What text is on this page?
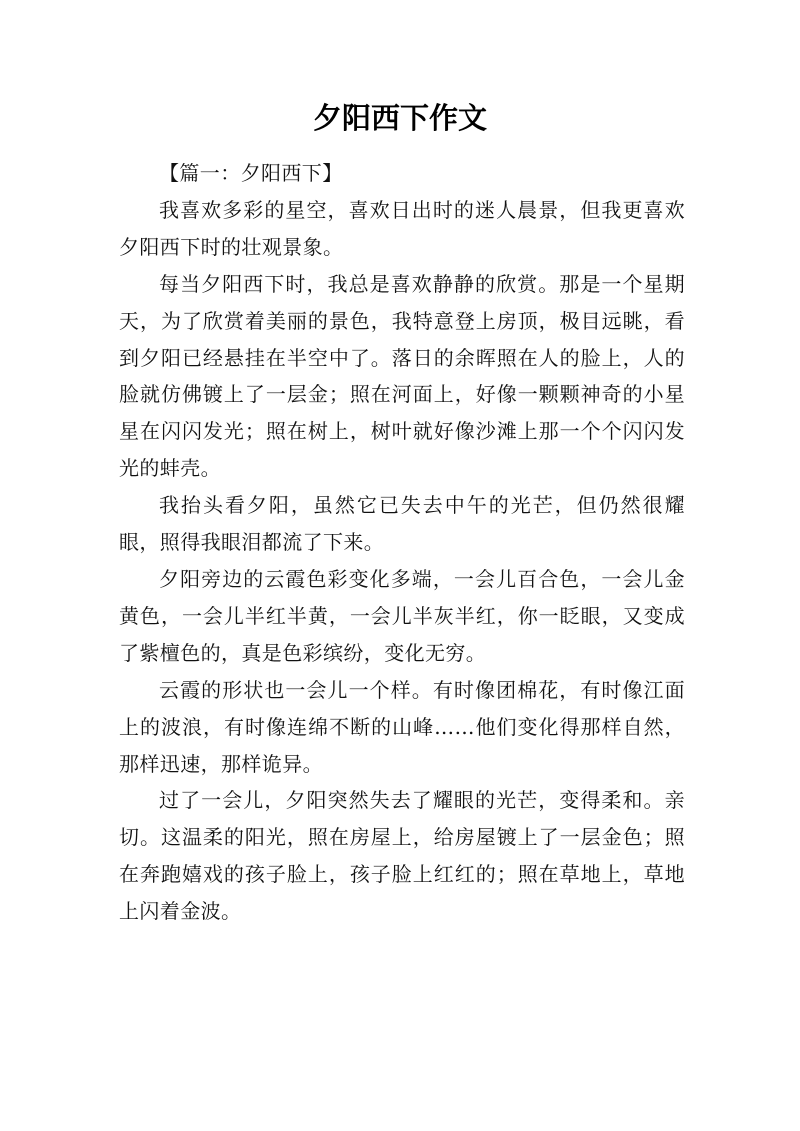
夕阳西下作文

【篇一：夕阳西下】

我喜欢多彩的星空，喜欢日出时的迷人晨景，但我更喜欢夕阳西下时的壮观景象。

每当夕阳西下时，我总是喜欢静静的欣赏。那是一个星期天，为了欣赏着美丽的景色，我特意登上房顶，极目远眺，看到夕阳已经悬挂在半空中了。落日的余晖照在人的脸上，人的脸就仿佛镀上了一层金；照在河面上，好像一颗颗神奇的小星星在闪闪发光；照在树上，树叶就好像沙滩上那一个个闪闪发光的蚌壳。

我抬头看夕阳，虽然它已失去中午的光芒，但仍然很耀眼，照得我眼泪都流了下来。

夕阳旁边的云霞色彩变化多端，一会儿百合色，一会儿金黄色，一会儿半红半黄，一会儿半灰半红，你一眨眼，又变成了紫檀色的，真是色彩缤纷，变化无穷。

云霞的形状也一会儿一个样。有时像团棉花，有时像江面上的波浪，有时像连绵不断的山峰……他们变化得那样自然，那样迅速，那样诡异。

过了一会儿，夕阳突然失去了耀眼的光芒，变得柔和。亲切。这温柔的阳光，照在房屋上，给房屋镀上了一层金色；照在奔跑嬉戏的孩子脸上，孩子脸上红红的；照在草地上，草地上闪着金波。
